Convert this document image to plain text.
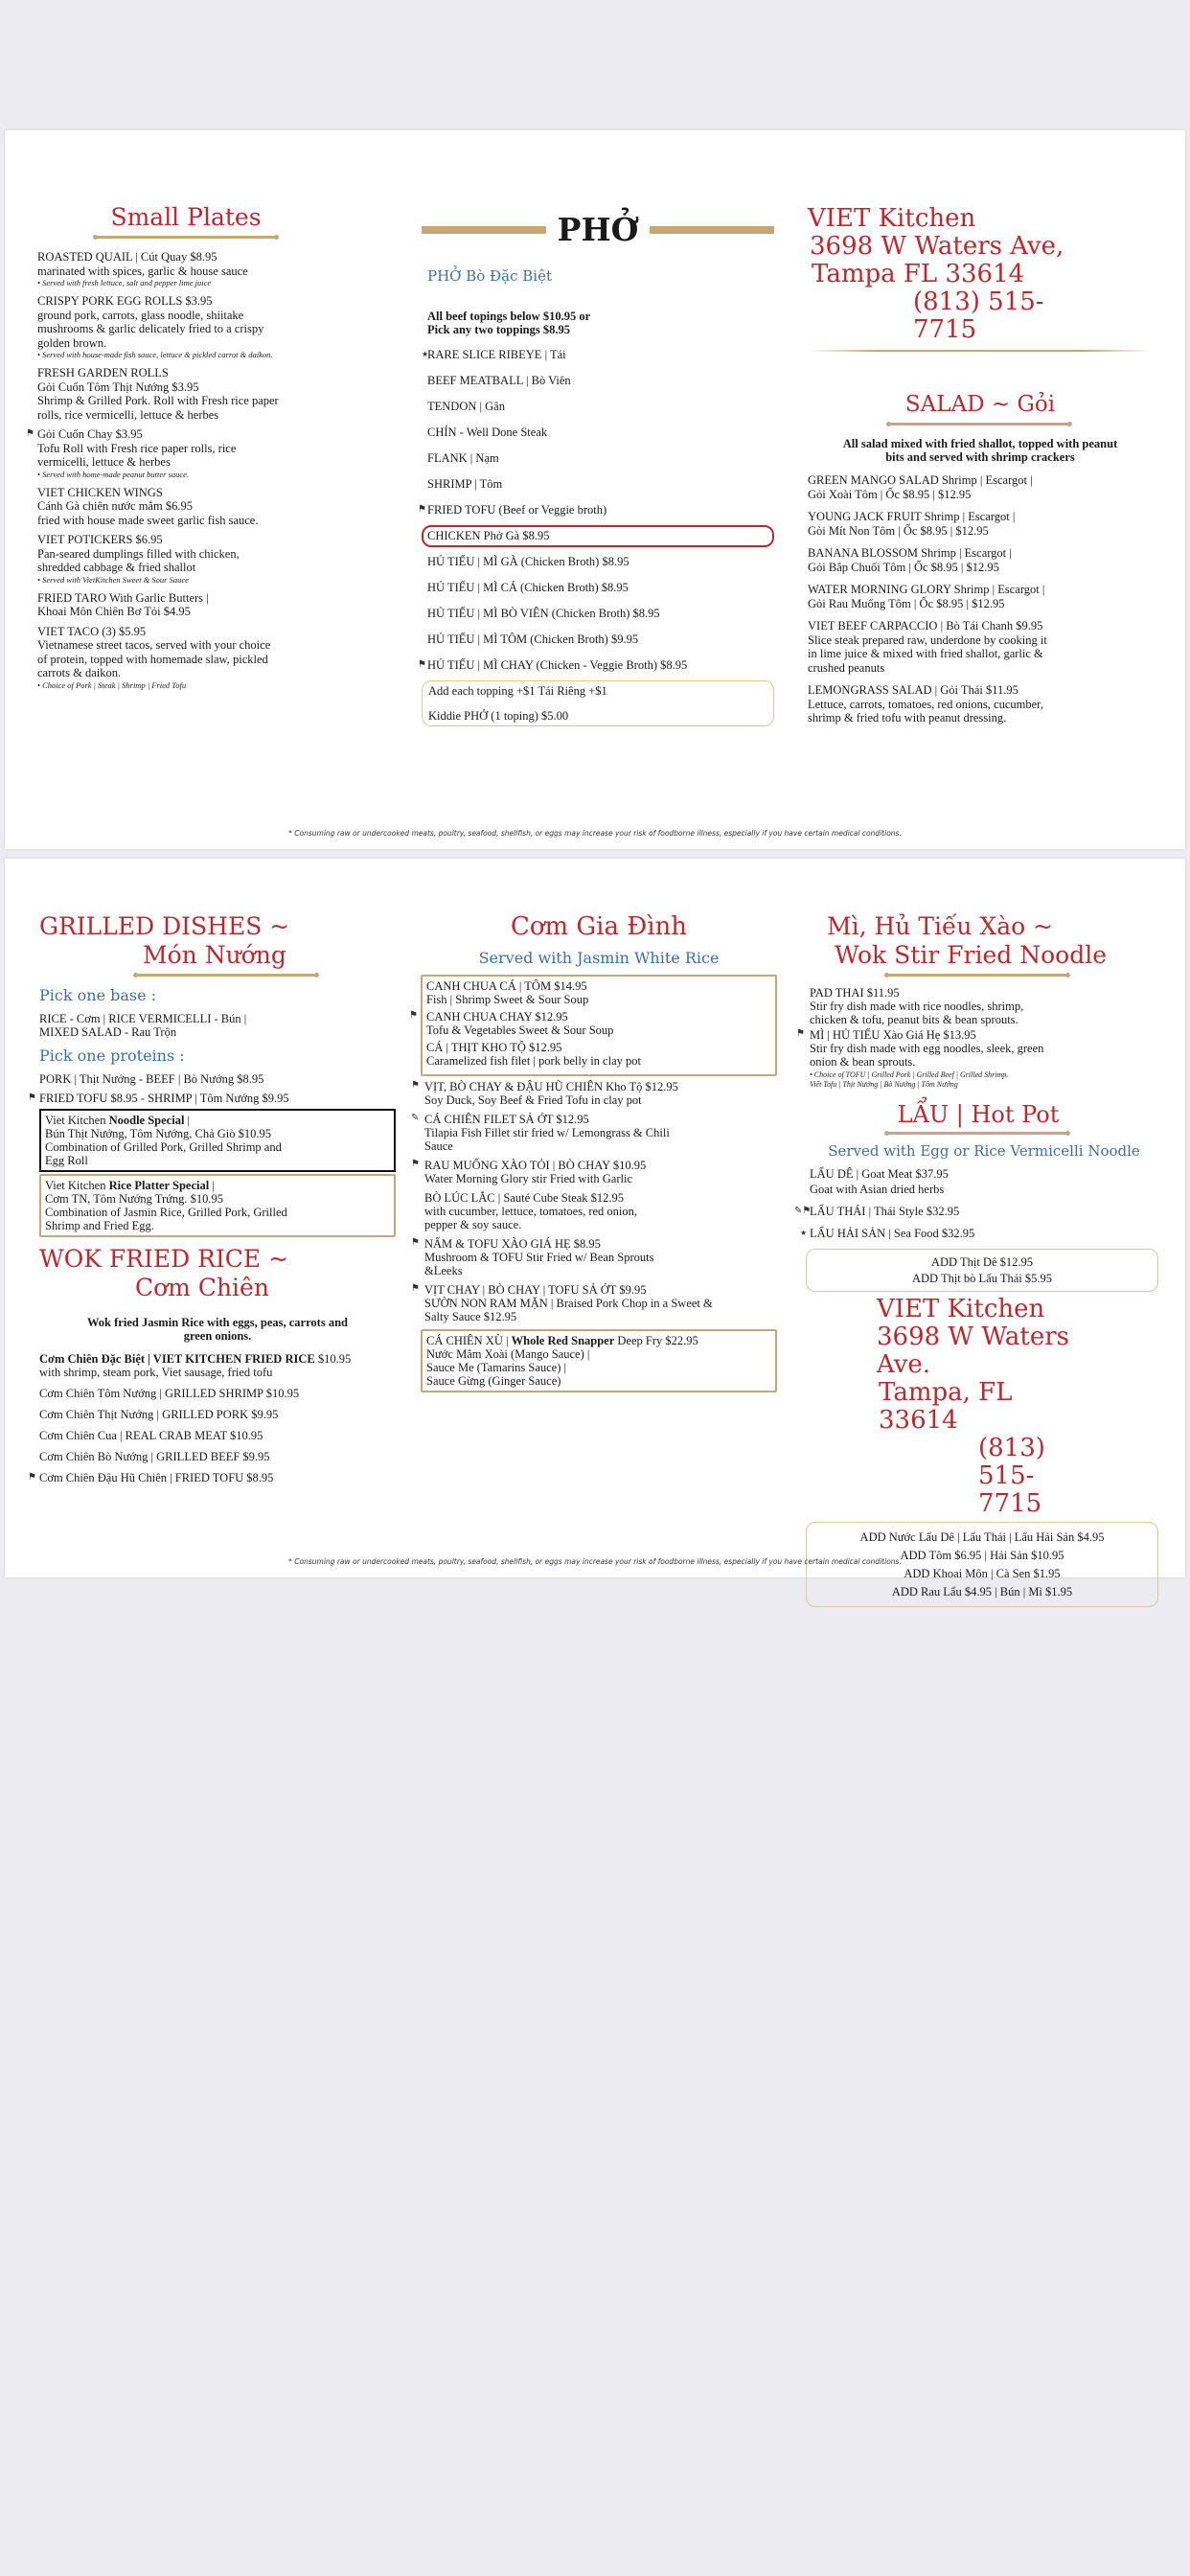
Small Plates
ROASTED QUAIL | Cút Quay $8.95
marinated with spices, garlic & house sauce
• Served with fresh lettuce, salt and pepper lime juice
CRISPY PORK EGG ROLLS $3.95
ground pork, carrots, glass noodle, shiitake
mushrooms & garlic delicately fried to a crispy
golden brown.
• Served with house-made fish sauce, lettuce & pickled carrot & daikon.
FRESH GARDEN ROLLS
Gỏi Cuốn Tôm Thịt Nướng $3.95
Shrimp & Grilled Pork. Roll with Fresh rice paper
rolls, rice vermicelli, lettuce & herbes
⚑ Gỏi Cuốn Chay $3.95
Tofu Roll with Fresh rice paper rolls, rice
vermicelli, lettuce & herbes
• Served with home-made peanut butter sauce.
VIET CHICKEN WINGS
Cánh Gà chiên nước mắm $6.95
fried with house made sweet garlic fish sauce.
VIET POTICKERS $6.95
Pan-seared dumplings filled with chicken,
shredded cabbage & fried shallot
• Served with VietKitchen Sweet & Sour Sauce
FRIED TARO With Garlic Butters |
Khoai Môn Chiên Bơ Tỏi $4.95
VIET TACO (3) $5.95
Vietnamese street tacos, served with your choice
of protein, topped with homemade slaw, pickled
carrots & daikon.
• Choice of Pork | Steak | Shrimp | Fried Tofu
PHỞ
PHỞ Bò Đặc Biệt
All beef topings below $10.95 or
Pick any two toppings $8.95
★
RARE SLICE RIBEYE | Tái
BEEF MEATBALL | Bò Viên
TENDON | Gân
CHÍN - Well Done Steak
FLANK | Nạm
SHRIMP | Tôm
⚑ FRIED TOFU (Beef or Veggie broth)
CHICKEN Phở Gà $8.95
HỦ TIẾU | MÌ GÀ (Chicken Broth) $8.95
HỦ TIẾU | MÌ CÁ (Chicken Broth) $8.95
HỦ TIẾU | MÌ BÒ VIÊN (Chicken Broth) $8.95
HỦ TIẾU | MÌ TÔM (Chicken Broth) $9.95
⚑ HỦ TIẾU | MÌ CHAY (Chicken - Veggie Broth) $8.95
Add each topping +$1 Tái Riêng +$1
Kiddie PHỞ (1 toping) $5.00
VIET Kitchen
3698 W Waters Ave,
Tampa FL 33614
(813) 515-7715
SALAD ~ Gỏi
All salad mixed with fried shallot, topped with peanut
bits and served with shrimp crackers
GREEN MANGO SALAD Shrimp | Escargot |
Gỏi Xoài Tôm | Ốc $8.95 | $12.95
YOUNG JACK FRUIT Shrimp | Escargot |
Gỏi Mít Non Tôm | Ốc $8.95 | $12.95
BANANA BLOSSOM Shrimp | Escargot |
Gỏi Bắp Chuối Tôm | Ốc $8.95 | $12.95
WATER MORNING GLORY Shrimp | Escargot |
Gỏi Rau Muống Tôm | Ốc $8.95 | $12.95
VIET BEEF CARPACCIO | Bò Tái Chanh $9.95
Slice steak prepared raw, underdone by cooking it
in lime juice & mixed with fried shallot, garlic &
crushed peanuts
LEMONGRASS SALAD | Gỏi Thái $11.95
Lettuce, carrots, tomatoes, red onions, cucumber,
shrimp & fried tofu with peanut dressing.
* Consuming raw or undercooked meats, poultry, seafood, shellfish, or eggs may increase your risk of foodborne illness, especially if you have certain medical conditions.
GRILLED DISHES ~
Món Nướng
Pick one base :
RICE - Cơm | RICE VERMICELLI - Bún |
MIXED SALAD - Rau Trộn
Pick one proteins :
PORK | Thịt Nướng - BEEF | Bò Nướng $8.95
⚑ FRIED TOFU $8.95 - SHRIMP | Tôm Nướng $9.95
Viet Kitchen Noodle Special |
Bún Thịt Nướng, Tôm Nướng, Chả Giò $10.95
Combination of Grilled Pork, Grilled Shrimp and
Egg Roll
Viet Kitchen Rice Platter Special |
Cơm TN, Tôm Nướng Trứng. $10.95
Combination of Jasmin Rice, Grilled Pork, Grilled
Shrimp and Fried Egg.
WOK FRIED RICE ~
Cơm Chiên
Wok fried Jasmin Rice with eggs, peas, carrots and
green onions.
Cơm Chiên Đặc Biệt | VIET KITCHEN FRIED RICE $10.95
with shrimp, steam pork, Viet sausage, fried tofu
Cơm Chiên Tôm Nướng | GRILLED SHRIMP $10.95
Cơm Chiên Thịt Nướng | GRILLED PORK $9.95
Cơm Chiên Cua | REAL CRAB MEAT $10.95
Cơm Chiên Bò Nướng | GRILLED BEEF $9.95
⚑ Cơm Chiên Đậu Hũ Chiên | FRIED TOFU $8.95
Cơm Gia Đình
Served with Jasmin White Rice
CANH CHUA CÁ | TÔM $14.95
Fish | Shrimp Sweet & Sour Soup
⚑ CANH CHUA CHAY $12.95
Tofu & Vegetables Sweet & Sour Soup
CÁ | THỊT KHO TỘ $12.95
Caramelized fish filet | pork belly in clay pot
⚑ VỊT, BÒ CHAY & ĐẬU HŨ CHIÊN Kho Tộ $12.95
Soy Duck, Soy Beef & Fried Tofu in clay pot
✎ CÁ CHIÊN FILET SẢ ỚT $12.95
Tilapia Fish Fillet stir fried w/ Lemongrass & Chili
Sauce
⚑ RAU MUỐNG XÀO TỎI | BÒ CHAY $10.95
Water Morning Glory stir Fried with Garlic
BÒ LÚC LẮC | Sauté Cube Steak $12.95
with cucumber, lettuce, tomatoes, red onion,
pepper & soy sauce.
⚑ NẤM & TOFU XÀO GIÁ HẸ $8.95
Mushroom & TOFU Stir Fried w/ Bean Sprouts
&Leeks
⚑ VỊT CHAY | BÒ CHAY | TOFU SẢ ỚT $9.95
SƯỜN NON RAM MẶN | Braised Pork Chop in a Sweet &
Salty Sauce $12.95
CÁ CHIÊN XÙ | Whole Red Snapper Deep Fry $22.95
Nước Mắm Xoài (Mango Sauce) |
Sauce Me (Tamarins Sauce) |
Sauce Gừng (Ginger Sauce)
Mì, Hủ Tiếu Xào ~
Wok Stir Fried Noodle
PAD THAI $11.95
Stir fry dish made with rice noodles, shrimp,
chicken & tofu, peanut bits & bean sprouts.
⚑ MÌ | HỦ TIẾU Xào Giá Hẹ $13.95
Stir fry dish made with egg noodles, sleek, green
onion & bean sprouts.
• Choice of TOFU | Grilled Pork | Grilled Beef | Grilled Shrimp.
Viết Tofu | Thịt Nướng | Bò Nướng | Tôm Nướng
LẨU | Hot Pot
Served with Egg or Rice Vermicelli Noodle
LẨU DÊ | Goat Meat $37.95
Goat with Asian dried herbs
✎⚑
LẨU THÁI | Thái Style $32.95
★ LẨU HẢI SẢN | Sea Food $32.95
ADD Thịt Dê $12.95
ADD Thịt bò Lẩu Thái $5.95
VIET Kitchen
3698 W Waters Ave.
Tampa, FL 33614
(813) 515-7715
ADD Nước Lẩu Dê | Lẩu Thái | Lẩu Hải Sản $4.95
ADD Tôm $6.95 | Hải Sản $10.95
ADD Khoai Môn | Cà Sen $1.95
ADD Rau Lẩu $4.95 | Bún | Mì $1.95
* Consuming raw or undercooked meats, poultry, seafood, shellfish, or eggs may increase your risk of foodborne illness, especially if you have certain medical conditions.
